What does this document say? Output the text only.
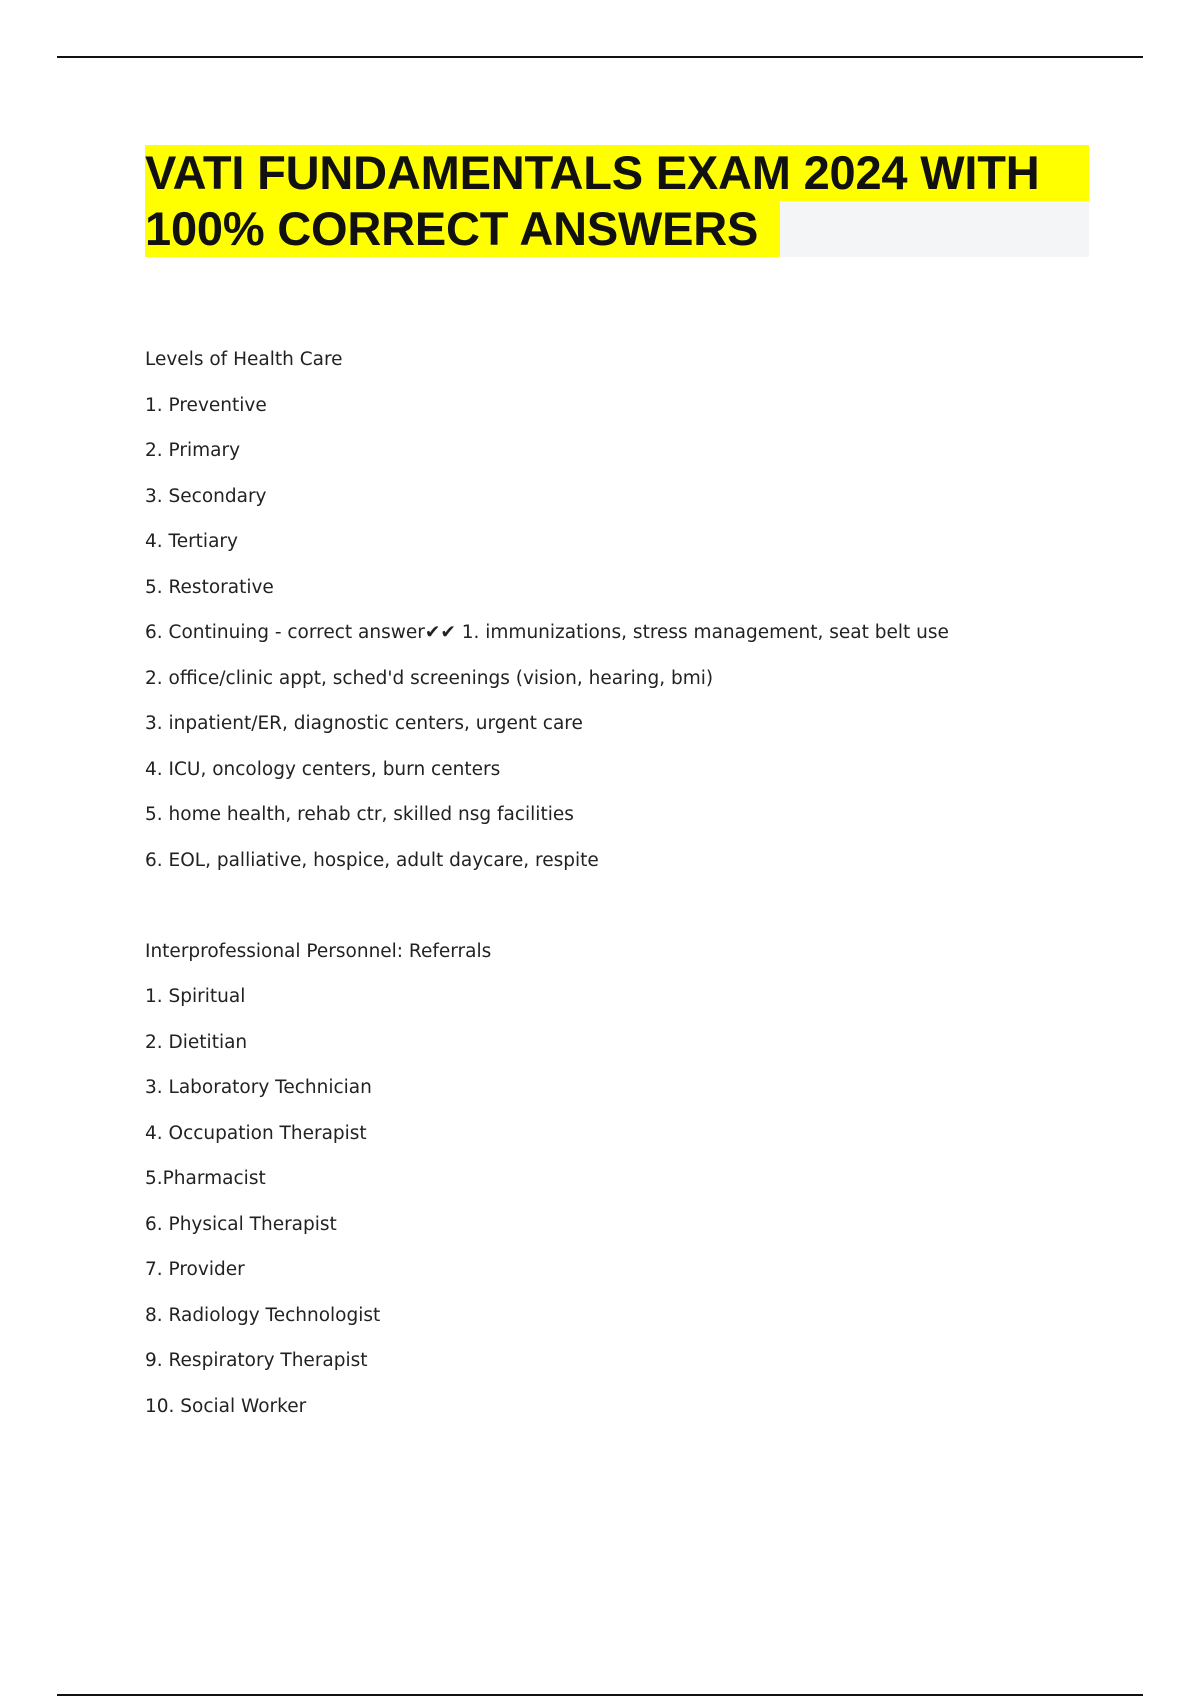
VATI FUNDAMENTALS EXAM 2024 WITH
100% CORRECT ANSWERS
Levels of Health Care
1. Preventive
2. Primary
3. Secondary
4. Tertiary
5. Restorative
6. Continuing - correct answer✔✔ 1. immunizations, stress management, seat belt use
2. office/clinic appt, sched'd screenings (vision, hearing, bmi)
3. inpatient/ER, diagnostic centers, urgent care
4. ICU, oncology centers, burn centers
5. home health, rehab ctr, skilled nsg facilities
6. EOL, palliative, hospice, adult daycare, respite
Interprofessional Personnel: Referrals
1. Spiritual
2. Dietitian
3. Laboratory Technician
4. Occupation Therapist
5.Pharmacist
6. Physical Therapist
7. Provider
8. Radiology Technologist
9. Respiratory Therapist
10. Social Worker
